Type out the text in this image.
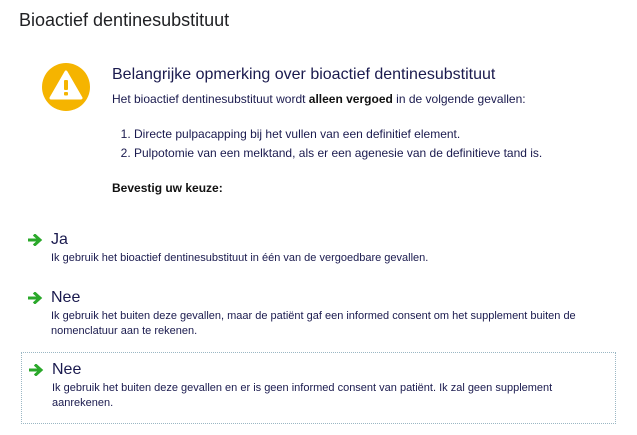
Bioactief dentinesubstituut
Belangrijke opmerking over bioactief dentinesubstituut
Het bioactief dentinesubstituut wordt alleen vergoed in de volgende gevallen:
1. Directe pulpacapping bij het vullen van een definitief element.
2. Pulpotomie van een melktand, als er een agenesie van de definitieve tand is.
Bevestig uw keuze:
Ja
Ik gebruik het bioactief dentinesubstituut in één van de vergoedbare gevallen.
Nee
Ik gebruik het buiten deze gevallen, maar de patiënt gaf een informed consent om het supplement buiten de nomenclatuur aan te rekenen.
Nee
Ik gebruik het buiten deze gevallen en er is geen informed consent van patiënt. Ik zal geen supplement aanrekenen.
